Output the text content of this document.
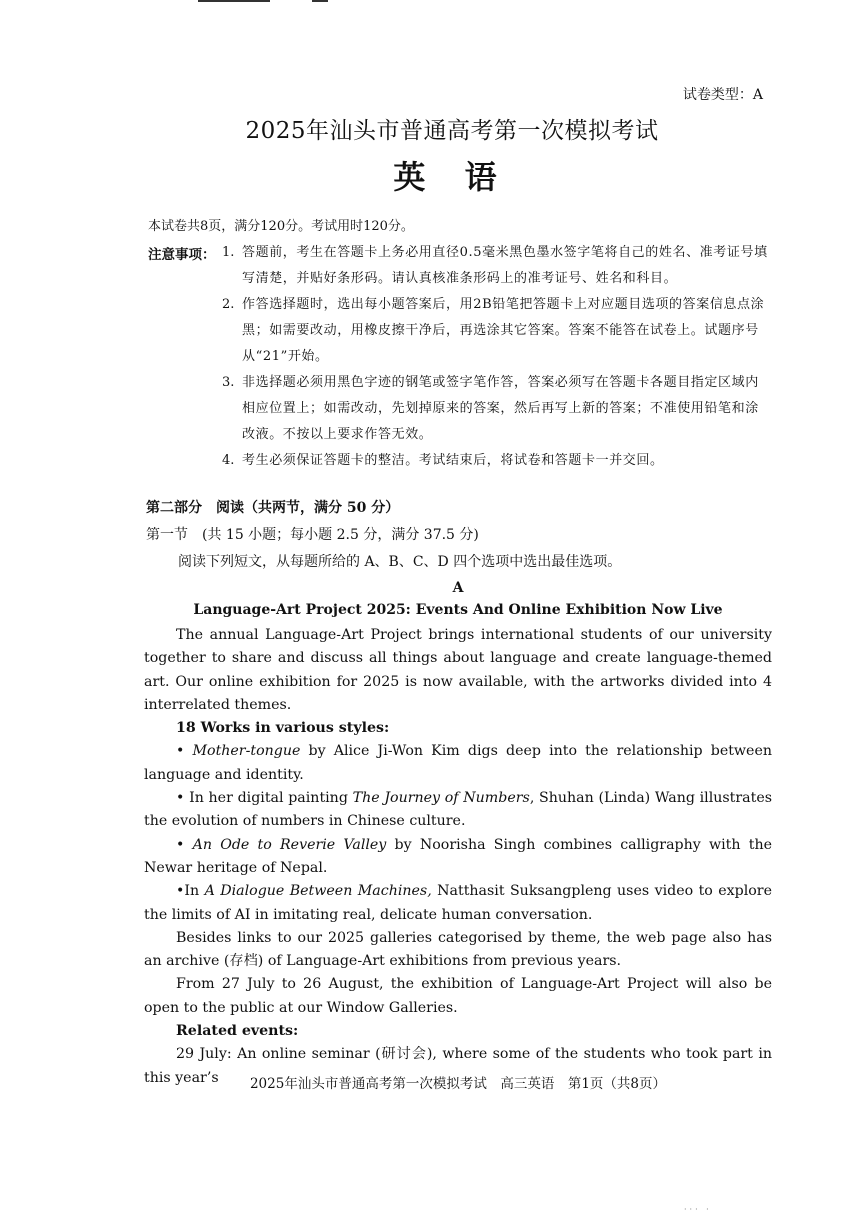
试卷类型：A
2025年汕头市普通高考第一次模拟考试
英 语
本试卷共8页，满分120分。考试用时120分。
注意事项： 1. 答题前，考生在答题卡上务必用直径0.5毫米黑色墨水签字笔将自己的姓名、准考证号填写清楚，并贴好条形码。请认真核准条形码上的准考证号、姓名和科目。
2. 作答选择题时，选出每小题答案后，用2B铅笔把答题卡上对应题目选项的答案信息点涂黑；如需要改动，用橡皮擦干净后，再选涂其它答案。答案不能答在试卷上。试题序号从“21”开始。
3. 非选择题必须用黑色字迹的钢笔或签字笔作答，答案必须写在答题卡各题目指定区域内相应位置上；如需改动，先划掉原来的答案，然后再写上新的答案；不准使用铅笔和涂改液。不按以上要求作答无效。
4. 考生必须保证答题卡的整洁。考试结束后，将试卷和答题卡一并交回。
第二部分　阅读（共两节，满分 50 分）
第一节　(共 15 小题；每小题 2.5 分，满分 37.5 分)
阅读下列短文，从每题所给的 A、B、C、D 四个选项中选出最佳选项。
A
Language-Art Project 2025: Events And Online Exhibition Now Live

The annual Language-Art Project brings international students of our university together to share and discuss all things about language and create language-themed art. Our online exhibition for 2025 is now available, with the artworks divided into 4 interrelated themes.

18 Works in various styles:

• Mother-tongue by Alice Ji-Won Kim digs deep into the relationship between language and identity.

• In her digital painting The Journey of Numbers, Shuhan (Linda) Wang illustrates the evolution of numbers in Chinese culture.

• An Ode to Reverie Valley by Noorisha Singh combines calligraphy with the Newar heritage of Nepal.

•In A Dialogue Between Machines, Natthasit Suksangpleng uses video to explore the limits of AI in imitating real, delicate human conversation.

Besides links to our 2025 galleries categorised by theme, the web page also has an archive (存档) of Language-Art exhibitions from previous years.

From 27 July to 26 August, the exhibition of Language-Art Project will also be open to the public at our Window Galleries.

Related events:

29 July: An online seminar (研讨会), where some of the students who took part in this year’s	2025年汕头市普通高考第一次模拟考试　高三英语　第1页（共8页）
··· ·
